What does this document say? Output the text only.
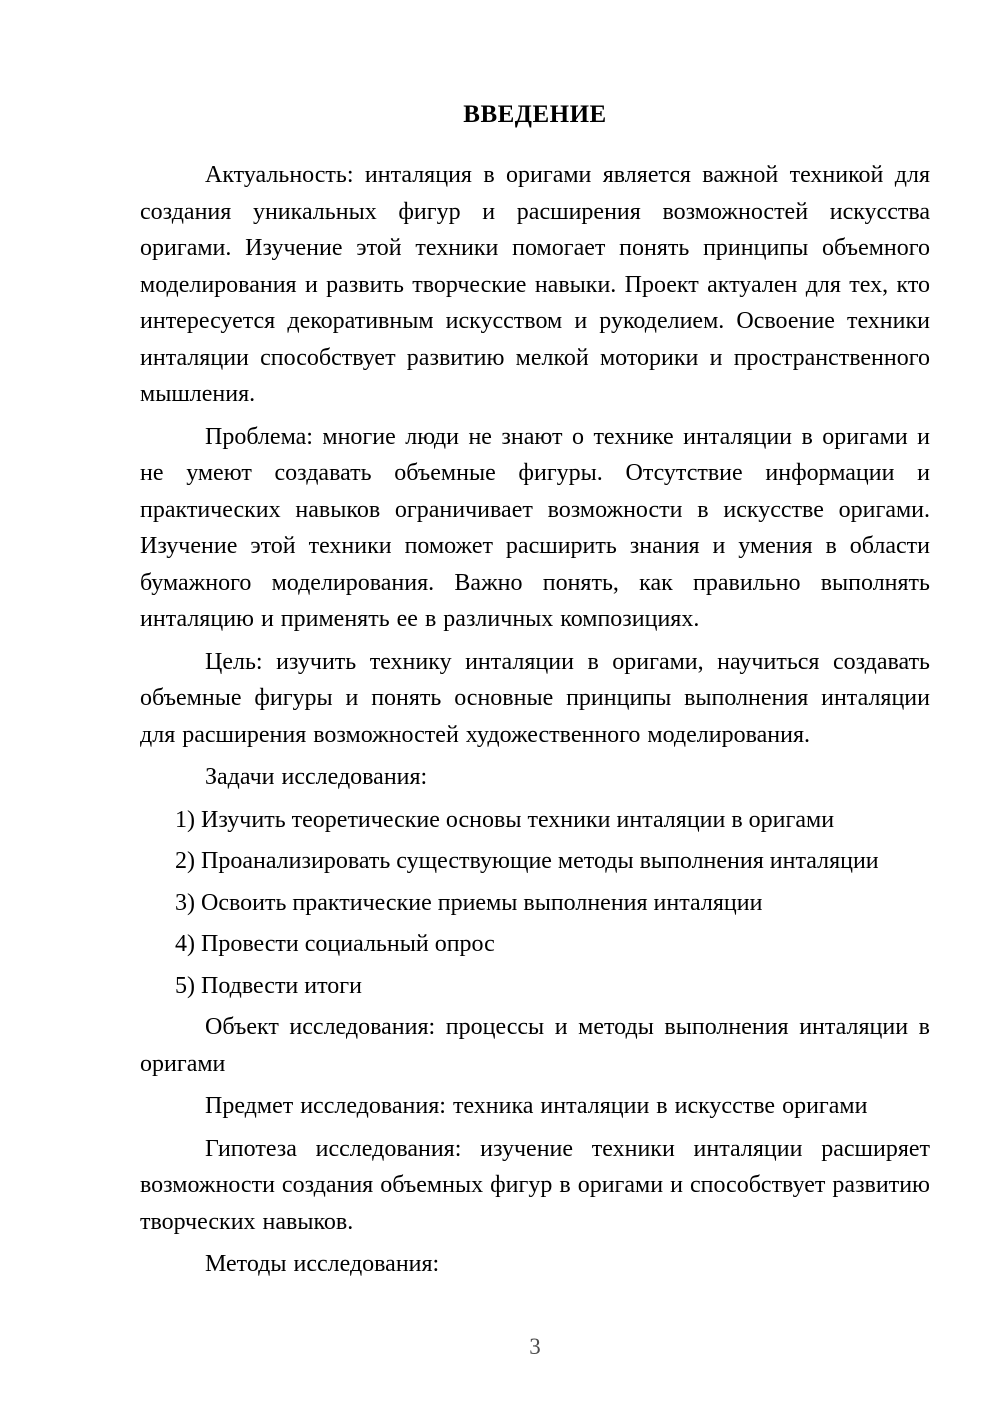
ВВЕДЕНИЕ

Актуальность: инталяция в оригами является важной техникой для создания уникальных фигур и расширения возможностей искусства оригами. Изучение этой техники помогает понять принципы объемного моделирования и развить творческие навыки. Проект актуален для тех, кто интересуется декоративным искусством и рукоделием. Освоение техники инталяции способствует развитию мелкой моторики и пространственного мышления.

Проблема: многие люди не знают о технике инталяции в оригами и не умеют создавать объемные фигуры. Отсутствие информации и практических навыков ограничивает возможности в искусстве оригами. Изучение этой техники поможет расширить знания и умения в области бумажного моделирования. Важно понять, как правильно выполнять инталяцию и применять ее в различных композициях.

Цель: изучить технику инталяции в оригами, научиться создавать объемные фигуры и понять основные принципы выполнения инталяции для расширения возможностей художественного моделирования.

Задачи исследования:

1) Изучить теоретические основы техники инталяции в оригами

2) Проанализировать существующие методы выполнения инталяции

3) Освоить практические приемы выполнения инталяции

4) Провести социальный опрос

5) Подвести итоги

Объект исследования: процессы и методы выполнения инталяции в оригами

Предмет исследования: техника инталяции в искусстве оригами

Гипотеза исследования: изучение техники инталяции расширяет возможности создания объемных фигур в оригами и способствует развитию творческих навыков.

Методы исследования:

3
